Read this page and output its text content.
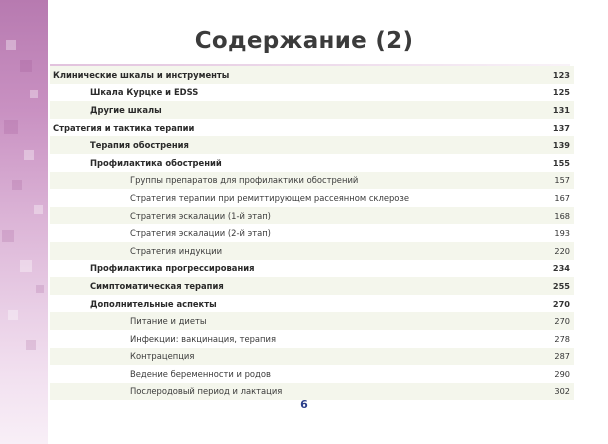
Содержание (2)
Клинические шкалы и инструменты	123
Шкала Курцке и EDSS	125
Другие шкалы	131
Стратегия и тактика терапии	137
Терапия обострения	139
Профилактика обострений	155
Группы препаратов для профилактики обострений	157
Стратегия терапии при ремиттирующем рассеянном склерозе	167
Стратегия эскалации (1-й этап)	168
Стратегия эскалации (2-й этап)	193
Стратегия индукции	220
Профилактика прогрессирования	234
Симптоматическая терапия	255
Дополнительные аспекты	270
Питание и диеты	270
Инфекции: вакцинация, терапия	278
Контрацепция	287
Ведение беременности и родов	290
Послеродовый период и лактация	302
6
